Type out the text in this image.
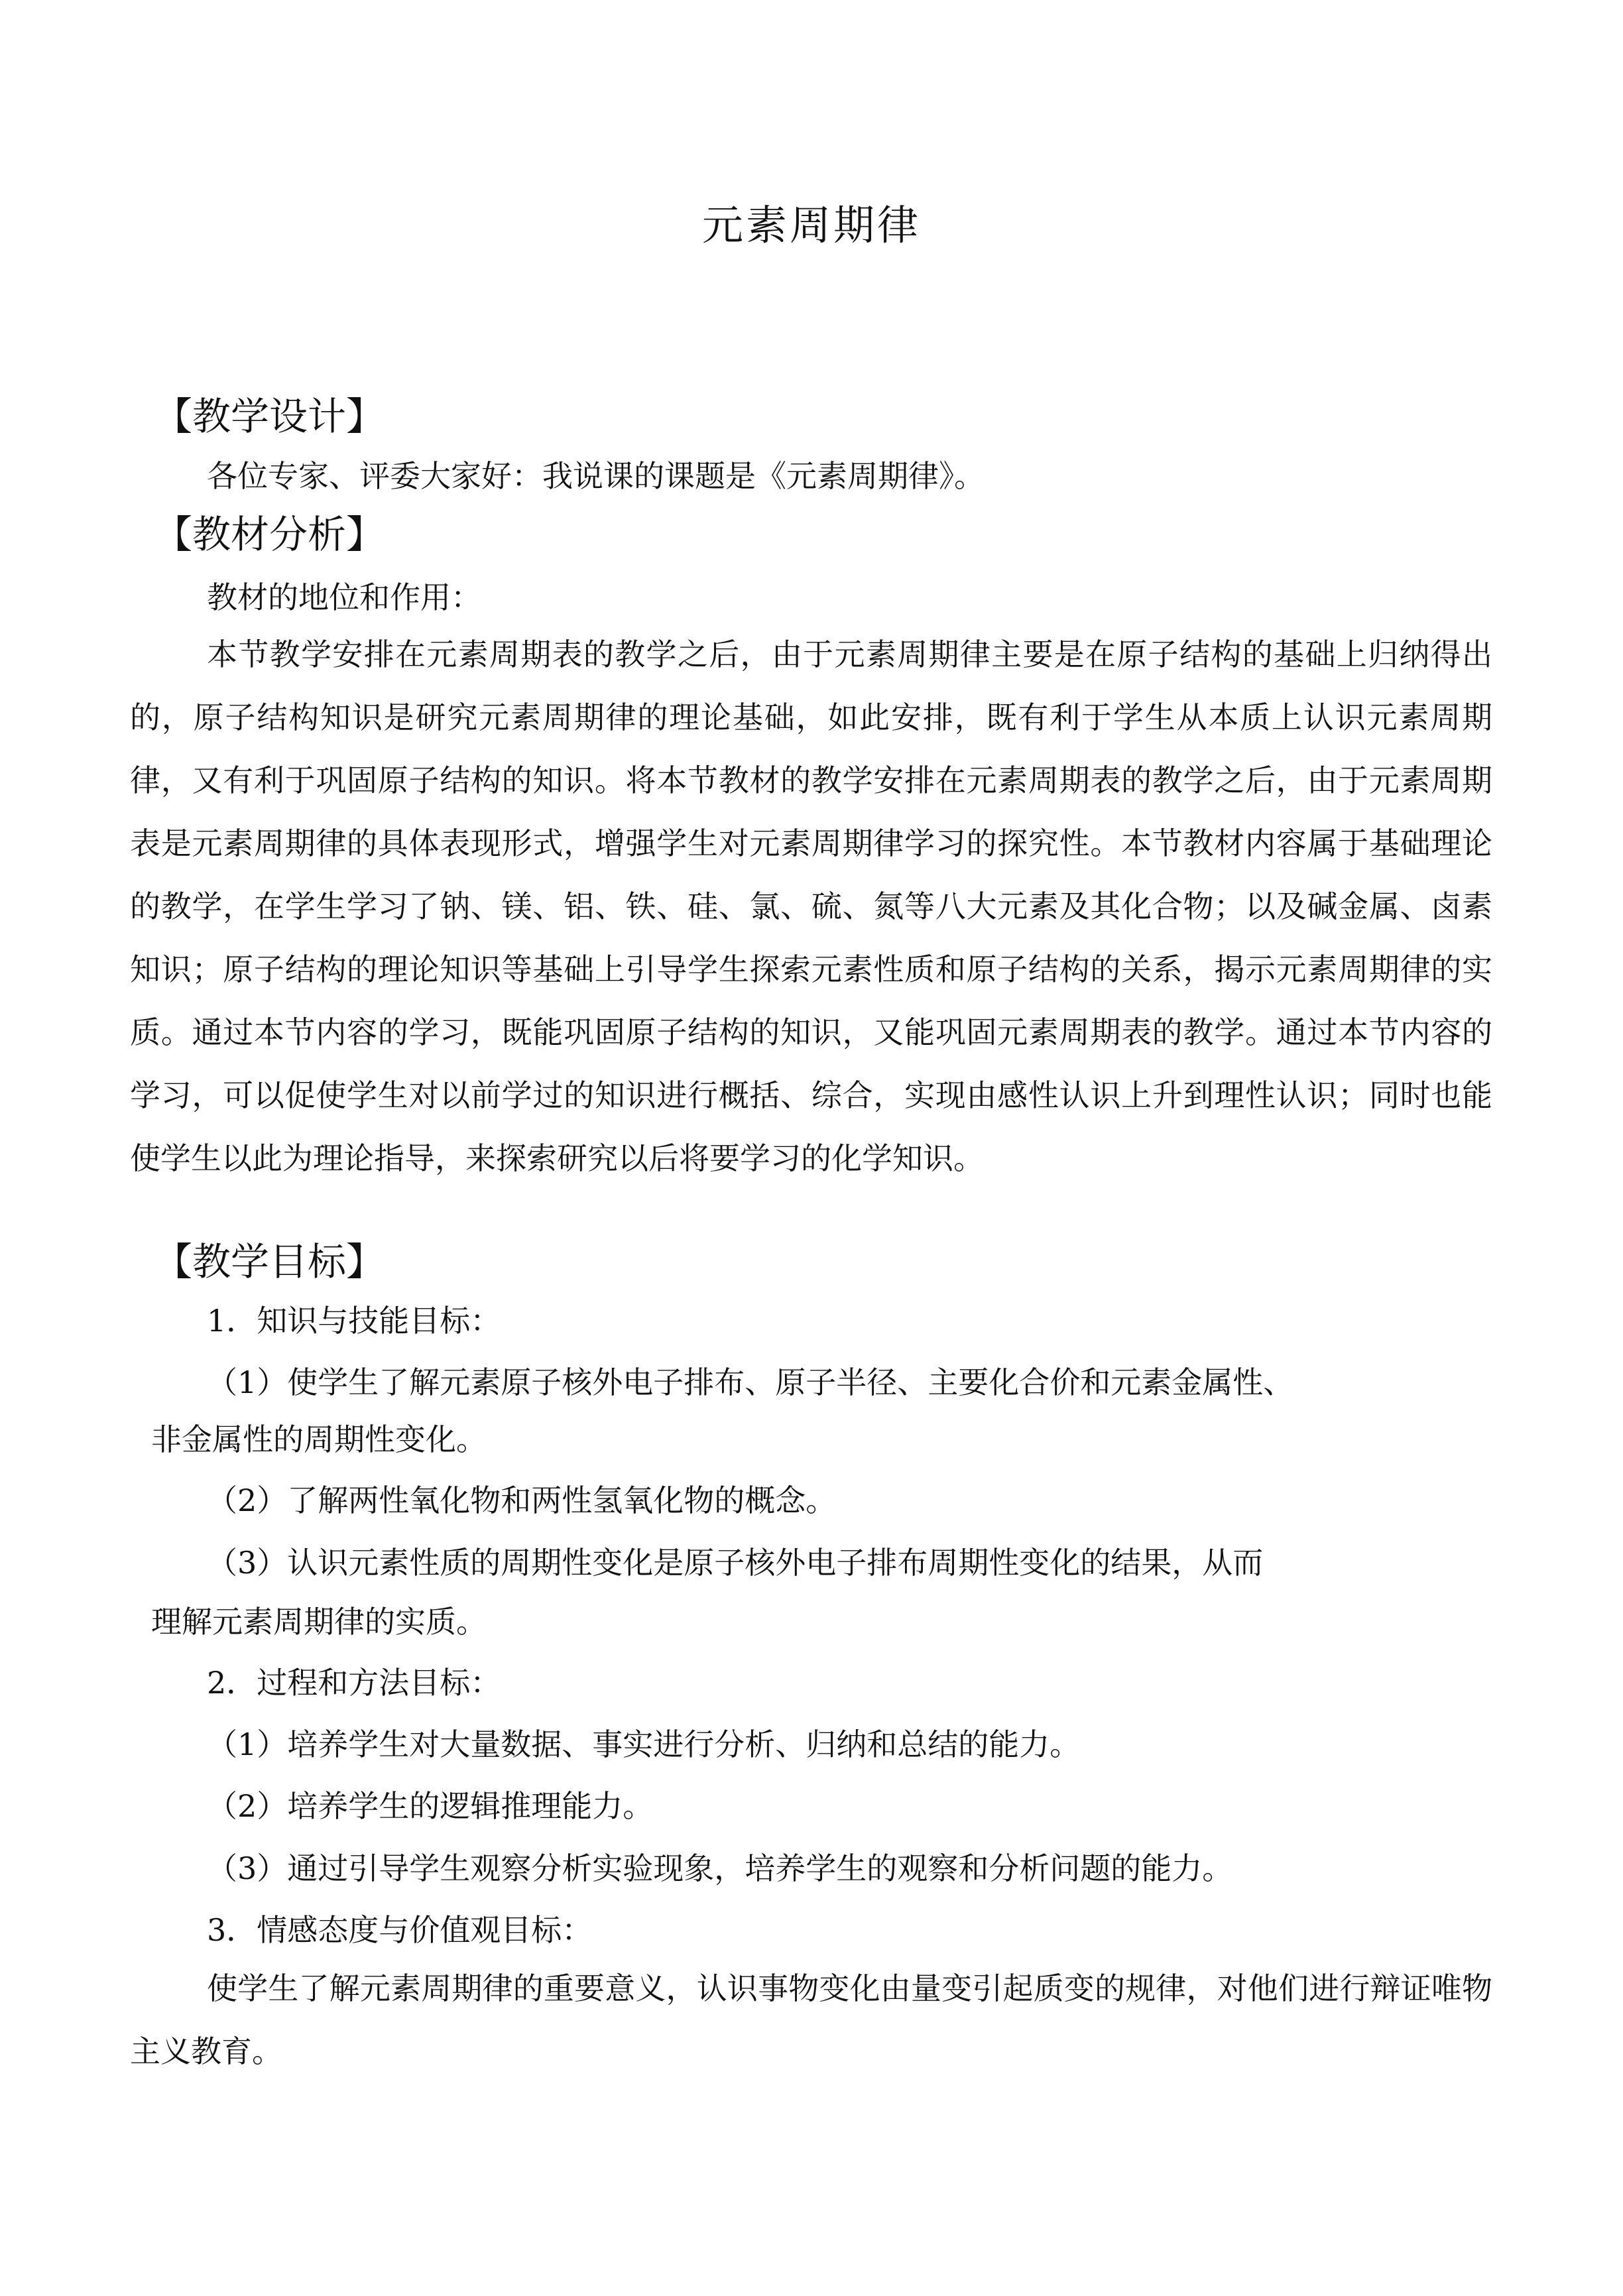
元素周期律
【教学设计】
各位专家、评委大家好：我说课的课题是《元素周期律》。
【教材分析】
教材的地位和作用：
本节教学安排在元素周期表的教学之后，由于元素周期律主要是在原子结构的基础上归纳得出的，原子结构知识是研究元素周期律的理论基础，如此安排，既有利于学生从本质上认识元素周期律，又有利于巩固原子结构的知识。将本节教材的教学安排在元素周期表的教学之后，由于元素周期表是元素周期律的具体表现形式，增强学生对元素周期律学习的探究性。本节教材内容属于基础理论的教学，在学生学习了钠、镁、铝、铁、硅、氯、硫、氮等八大元素及其化合物；以及碱金属、卤素知识；原子结构的理论知识等基础上引导学生探索元素性质和原子结构的关系，揭示元素周期律的实质。通过本节内容的学习，既能巩固原子结构的知识，又能巩固元素周期表的教学。通过本节内容的学习，可以促使学生对以前学过的知识进行概括、综合，实现由感性认识上升到理性认识；同时也能使学生以此为理论指导，来探索研究以后将要学习的化学知识。
【教学目标】
1．知识与技能目标：
（1）使学生了解元素原子核外电子排布、原子半径、主要化合价和元素金属性、
非金属性的周期性变化。
（2）了解两性氧化物和两性氢氧化物的概念。
（3）认识元素性质的周期性变化是原子核外电子排布周期性变化的结果，从而
理解元素周期律的实质。
2．过程和方法目标：
（1）培养学生对大量数据、事实进行分析、归纳和总结的能力。
（2）培养学生的逻辑推理能力。
（3）通过引导学生观察分析实验现象，培养学生的观察和分析问题的能力。
3．情感态度与价值观目标：
使学生了解元素周期律的重要意义，认识事物变化由量变引起质变的规律，对他们进行辩证唯物主义教育。
